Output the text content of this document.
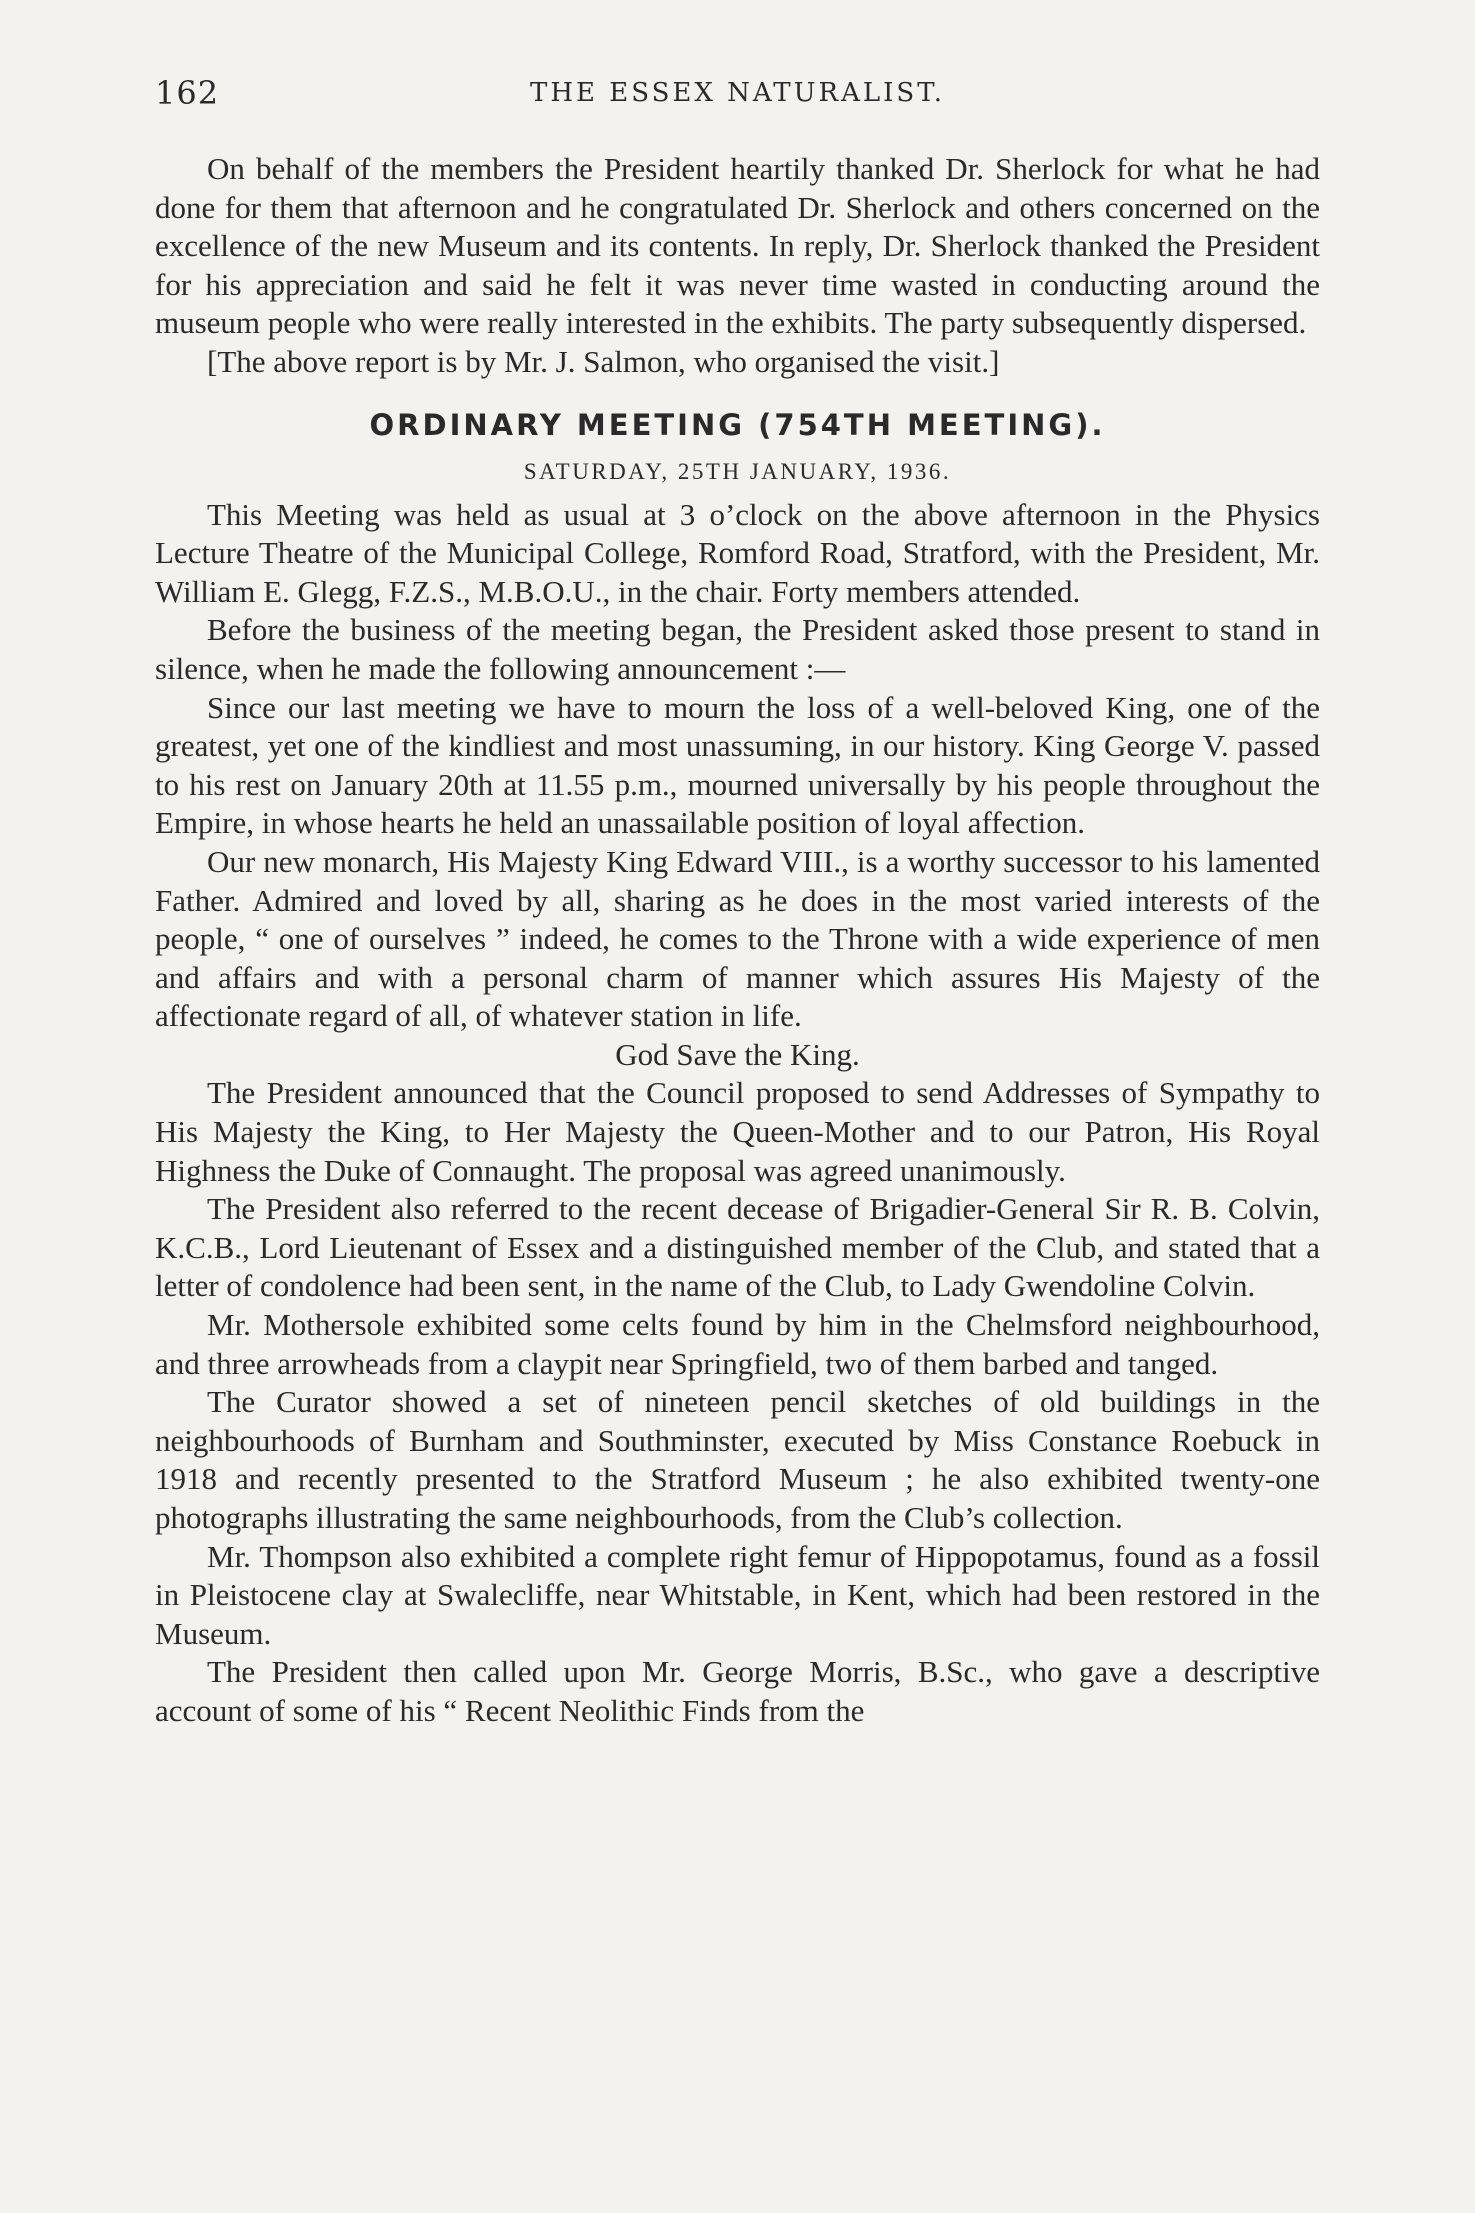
162	THE ESSEX NATURALIST.

On behalf of the members the President heartily thanked Dr. Sherlock for what he had done for them that afternoon and he congratulated Dr. Sherlock and others concerned on the excellence of the new Museum and its contents. In reply, Dr. Sherlock thanked the President for his appreciation and said he felt it was never time wasted in conducting around the museum people who were really interested in the exhibits. The party subsequently dispersed.

[The above report is by Mr. J. Salmon, who organised the visit.]

ORDINARY MEETING (754TH MEETING).
SATURDAY, 25TH JANUARY, 1936.

This Meeting was held as usual at 3 o’clock on the above afternoon in the Physics Lecture Theatre of the Municipal College, Romford Road, Stratford, with the President, Mr. William E. Glegg, F.Z.S., M.B.O.U., in the chair. Forty members attended.

Before the business of the meeting began, the President asked those present to stand in silence, when he made the following announcement :—

Since our last meeting we have to mourn the loss of a well-beloved King, one of the greatest, yet one of the kindliest and most unassuming, in our history. King George V. passed to his rest on January 20th at 11.55 p.m., mourned universally by his people throughout the Empire, in whose hearts he held an unassailable position of loyal affection.

Our new monarch, His Majesty King Edward VIII., is a worthy successor to his lamented Father. Admired and loved by all, sharing as he does in the most varied interests of the people, “ one of ourselves ” indeed, he comes to the Throne with a wide experience of men and affairs and with a personal charm of manner which assures His Majesty of the affectionate regard of all, of whatever station in life.

God Save the King.

The President announced that the Council proposed to send Addresses of Sympathy to His Majesty the King, to Her Majesty the Queen-Mother and to our Patron, His Royal Highness the Duke of Connaught. The proposal was agreed unanimously.

The President also referred to the recent decease of Brigadier-General Sir R. B. Colvin, K.C.B., Lord Lieutenant of Essex and a distinguished member of the Club, and stated that a letter of condolence had been sent, in the name of the Club, to Lady Gwendoline Colvin.

Mr. Mothersole exhibited some celts found by him in the Chelmsford neighbourhood, and three arrowheads from a claypit near Springfield, two of them barbed and tanged.

The Curator showed a set of nineteen pencil sketches of old buildings in the neighbourhoods of Burnham and Southminster, executed by Miss Constance Roebuck in 1918 and recently presented to the Stratford Museum ; he also exhibited twenty-one photographs illustrating the same neighbourhoods, from the Club’s collection.

Mr. Thompson also exhibited a complete right femur of Hippopotamus, found as a fossil in Pleistocene clay at Swalecliffe, near Whitstable, in Kent, which had been restored in the Museum.

The President then called upon Mr. George Morris, B.Sc., who gave a descriptive account of some of his “ Recent Neolithic Finds from the
